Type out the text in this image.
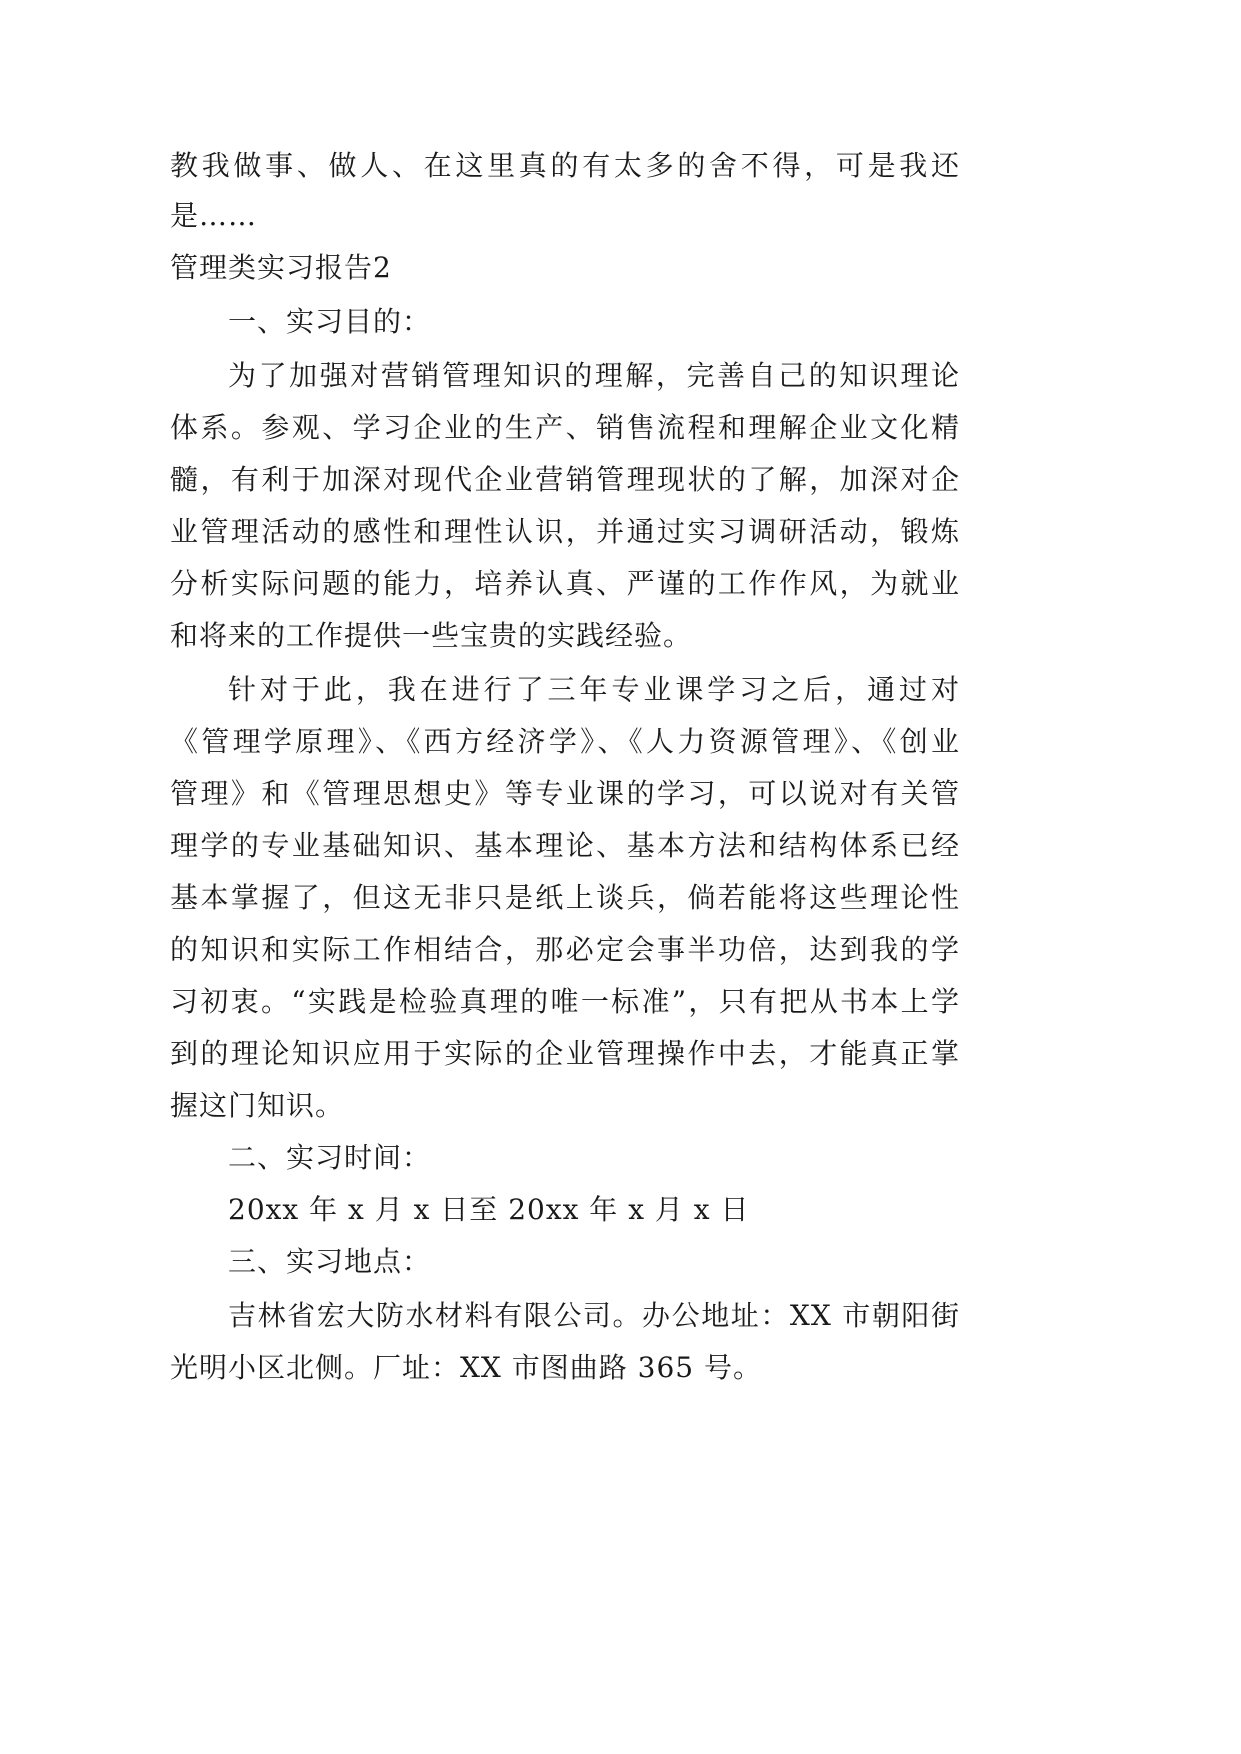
教我做事、做人、在这里真的有太多的舍不得，可是我还
是……
管理类实习报告2
一、实习目的：
为了加强对营销管理知识的理解，完善自己的知识理论
体系。参观、学习企业的生产、销售流程和理解企业文化精
髓，有利于加深对现代企业营销管理现状的了解，加深对企
业管理活动的感性和理性认识，并通过实习调研活动，锻炼
分析实际问题的能力，培养认真、严谨的工作作风，为就业
和将来的工作提供一些宝贵的实践经验。
针对于此，我在进行了三年专业课学习之后，通过对
《管理学原理》、《西方经济学》、《人力资源管理》、《创业
管理》和《管理思想史》等专业课的学习，可以说对有关管
理学的专业基础知识、基本理论、基本方法和结构体系已经
基本掌握了，但这无非只是纸上谈兵，倘若能将这些理论性
的知识和实际工作相结合，那必定会事半功倍，达到我的学
习初衷。“实践是检验真理的唯一标准”，只有把从书本上学
到的理论知识应用于实际的企业管理操作中去，才能真正掌
握这门知识。
二、实习时间：
20xx 年 x 月 x 日至 20xx 年 x 月 x 日
三、实习地点：
吉林省宏大防水材料有限公司。办公地址：XX 市朝阳街
光明小区北侧。厂址：XX 市图曲路 365 号。
